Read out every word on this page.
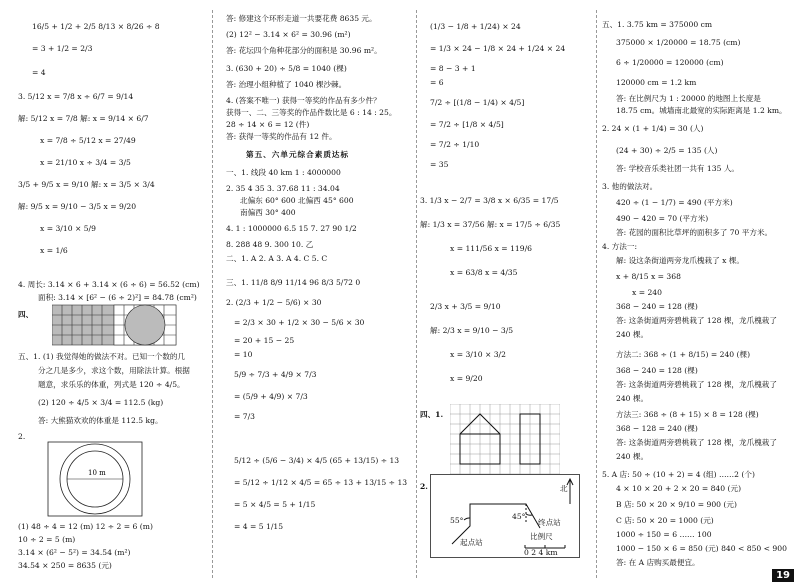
16/5 + 1/2 + 2/5 8/13 × 8/26 ÷ 8
= 3 + 1/2 = 2/3
= 4
3. 5/12 x = 7/8 x ÷ 6/7 = 9/14
解: 5/12 x = 7/8 解: x = 9/14 × 6/7
x = 7/8 ÷ 5/12 x = 27/49
x = 21/10 x ÷ 3/4 = 3/5
3/5 + 9/5 x = 9/10 解: x = 3/5 × 3/4
解: 9/5 x = 9/10 − 3/5 x = 9/20
x = 3/10 × 5/9
x = 1/6
4. 周长: 3.14 × 6 + 3.14 × (6 ÷ 6) = 56.52 (cm)
面积: 3.14 × [6² − (6 ÷ 2)²] = 84.78 (cm²)
四、
五、1. (1) 我觉得她的做法不对。已知一个数的几
分之几是多少，求这个数，用除法计算。根据
题意，求乐乐的体重，列式是 120 ÷ 4/5。
(2) 120 ÷ 4/5 × 3/4 = 112.5 (kg)
答: 大熊猫欢欢的体重是 112.5 kg。
2.
10 m
(1) 48 ÷ 4 = 12 (m) 12 ÷ 2 = 6 (m)
10 ÷ 2 = 5 (m)
3.14 × (6² − 5²) = 34.54 (m²)
34.54 × 250 = 8635 (元)
答: 修建这个环形走道一共要花费 8635 元。
(2) 12² − 3.14 × 6² = 30.96 (m²)
答: 花坛四个角种花部分的面积是 30.96 m²。
3. (630 + 20) ÷ 5/8 = 1040 (棵)
答: 治理小组种植了 1040 棵沙棘。
4. (答案不唯一) 获得一等奖的作品有多少件？
获得一、二、三等奖的作品件数比是 6 : 14 : 25。
28 ÷ 14 × 6 = 12 (件)
答: 获得一等奖的作品有 12 件。
第五、六单元综合素质达标
一、1. 线段 40 km 1 : 4000000
2. 35 4 35 3. 37.68 11 : 34.04
北偏东 60° 600 北偏西 45° 600
南偏西 30° 400
4. 1 : 1000000 6.5 15 7. 27 90 1/2
8. 288 48 9. 300 10. 乙
二、1. A 2. A 3. A 4. C 5. C
三、1. 11/8 8/9 11/14 96 8/3 5/72 0
2. (2/3 + 1/2 − 5/6) × 30
= 2/3 × 30 + 1/2 × 30 − 5/6 × 30
= 20 + 15 − 25
= 10
5/9 ÷ 7/3 + 4/9 × 7/3
= (5/9 + 4/9) × 7/3
= 7/3
5/12 ÷ (5/6 − 3/4) × 4/5 (65 + 13/15) ÷ 13
= 5/12 ÷ 1/12 × 4/5 = 65 ÷ 13 + 13/15 ÷ 13
= 5 × 4/5 = 5 + 1/15
= 4 = 5 1/15
(1/3 − 1/8 + 1/24) × 24
= 1/3 × 24 − 1/8 × 24 + 1/24 × 24
= 8 − 3 + 1
= 6
7/2 ÷ [(1/8 − 1/4) × 4/5]
= 7/2 ÷ [1/8 × 4/5]
= 7/2 ÷ 1/10
= 35
3. 1/3 x − 2/7 = 3/8 x × 6/35 = 17/5
解: 1/3 x = 37/56 解: x = 17/5 ÷ 6/35
x = 111/56 x = 119/6
x = 63/8 x = 4/35
2/3 x + 3/5 = 9/10
解: 2/3 x = 9/10 − 3/5
x = 3/10 × 3/2
x = 9/20
四、1.
2.	北
55°	45°
终点站
起点站
比例尺
0 2 4 km
五、1. 3.75 km = 375000 cm
375000 × 1/20000 = 18.75 (cm)
6 ÷ 1/20000 = 120000 (cm)
120000 cm = 1.2 km
答: 在比例尺为 1 : 20000 的地图上长度是
18.75 cm。城墙南北最宽的实际距离是 1.2 km。
2. 24 × (1 + 1/4) = 30 (人)
(24 + 30) ÷ 2/5 = 135 (人)
答: 学校音乐类社团一共有 135 人。
3. 他的做法对。
420 ÷ (1 − 1/7) = 490 (平方米)
490 − 420 = 70 (平方米)
答: 花园的面积比草坪的面积多了 70 平方米。
4. 方法一:
解: 设这条街道两旁龙爪槐栽了 x 棵。
x + 8/15 x = 368
x = 240
368 − 240 = 128 (棵)
答: 这条街道两旁碧桃栽了 128 棵，龙爪槐栽了
240 棵。
方法二: 368 ÷ (1 + 8/15) = 240 (棵)
368 − 240 = 128 (棵)
答: 这条街道两旁碧桃栽了 128 棵，龙爪槐栽了
240 棵。
方法三: 368 ÷ (8 + 15) × 8 = 128 (棵)
368 − 128 = 240 (棵)
答: 这条街道两旁碧桃栽了 128 棵，龙爪槐栽了
240 棵。
5. A 店: 50 ÷ (10 + 2) = 4 (组) ……2 (个)
4 × 10 × 20 + 2 × 20 = 840 (元)
B 店: 50 × 20 × 9/10 = 900 (元)
C 店: 50 × 20 = 1000 (元)
1000 ÷ 150 = 6 …… 100
1000 − 150 × 6 = 850 (元) 840 < 850 < 900
答: 在 A 店购买最便宜。
19
